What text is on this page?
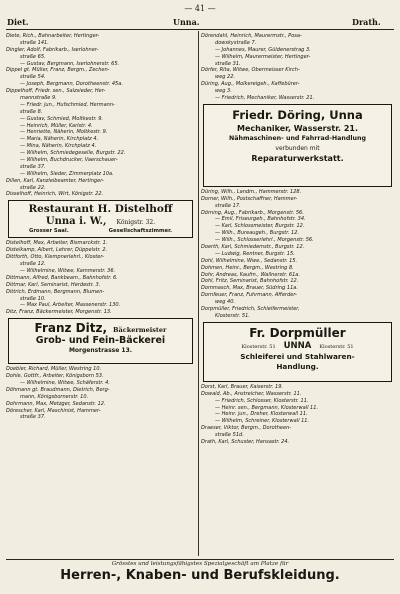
— 41 —
Diet.	Unna.	Drath.
Diete, Rich., Bahnarbeiter, Hertinger-
straße 141.
Dingler, Adolf, Fabrikarb., Iserlohner-
straße 65.
— Gustav, Bergmann, Iserlohnerstr. 65.
Dippel gt. Müller, Franz, Bergm., Zechen-
straße 54.
— Joseph, Bergmann, Dorotheenstr. 45a.
Dippelhoff, Friedr. sen., Salzsieder, Her-
mannstraße 9.
— Friedr. jun., Hufschmied, Hermann-
straße 8.
— Gustav, Schmied, Moltkestr. 9.
— Heinrich, Müller, Karlstr. 4.
— Henriette, Näherin, Moltkestr. 9.
— Maria, Näherin, Kirchplatz 4.
— Mina, Näherin, Kirchplatz 4.
— Wilhelm, Schmiedegeselle, Burgstr. 22.
— Wilhelm, Buchdrucker, Vaerschauer-
straße 37.
— Wilhelm, Sieder, Zimmerplatz 10a.
Dillen, Karl, Kanzleibeamter, Hertinger-
straße 22.
Disselhoff, Heinrich, Wirt, Königstr. 22.
Restaurant H. Distelhoff
Unna i. W., Königstr. 32.
Grosser Saal.	Gesellschaftszimmer.
Distelhoff, Max, Arbeiter, Bismarckstr. 1.
Distelkamp, Albert, Lehrer, Düppelstr. 2.
Dittforth, Otto, Klempnerlehrl., Kloster-
straße 12.
— Wilhelmine, Witwe, Kammerstr. 36.
Dittmann, Alfred, Bankbeam., Bahnhofstr. 6.
Dittmar, Karl, Seminarist, Herdestr. 3.
Dittrich, Erdmann, Bergmann, Blumen-
straße 10.
— Max Paul, Arbeiter, Massenerstr. 130.
Ditz, Franz, Bäckermeister, Morgenstr. 13.
Franz Ditz, Bäckermeister
Grob- und Fein-Bäckerei
Morgenstrasse 13.
Doebler, Richard, Müller, Westring 10.
Dohle, Gottfr., Arbeiter, Königsborn 53.
— Wilhelmine, Witwe, Schäferstr. 4.
Döhmann gt. Braudmann, Dietrich, Berg-
mann, Königsbornerstr. 10.
Dohrmann, Max, Metzger, Sedanstr. 12.
Dörescher, Karl, Maschinist, Hammer-
straße 37.
Dörendahl, Heinrich, Maurermstr., Posa-
dowskystraße 7.
— Johannes, Maurer, Güldenerstrag 3.
— Wilhelm, Maurermeister, Hertinger-
straße 31.
Dörfer, Rita, Witwe, Obermeisser Kirch-
weg 22.
Düring, Aug., Molkereigeh., Kaffebürer-
weg 3.
— Friedrich, Mechaniker, Wasserstr. 21.
Friedr. Döring, Unna
Mechaniker, Wasserstr. 21.
Nähmaschinen- und Fahrrad-Handlung
verbunden mit
Reparaturwerkstatt.
Düring, Wilh., Landm., Hammerstr. 128.
Dorner, Wilh., Postschaffner, Hammer-
straße 17.
Dörning, Aug., Fabrikarb., Morgenstr. 56.
— Emil, Friseurgeh., Bahnhofstr. 34.
— Karl, Schlossmeister, Burgstr. 12.
— Wilh., Bureaugeh., Burgstr. 12.
— Wilh., Schlosserlehrl., Morgenstr. 56.
Doerth, Karl, Schmiedemstr., Burgstr. 12.
— Ludwig, Rentner, Burgstr. 15.
Dohl, Wilhelmine, Wwe., Sedanstr. 15.
Dohmen, Heinr., Bergm., Westring 8.
Dohr, Andreas, Kaufm., Wallnerstr. 61a.
Dohl, Fritz, Seminarist, Bahnhofstr. 12.
Dommasch, Max, Brauer, Südring 11a.
Dornfeuer, Franz, Fuhrmann, Afferder-
weg 40.
Dorpmüller, Friedrich, Schleifermeister,
Klosterstr. 51.
Fr. Dorpmüller
Klosterstr. 51 UNNA Klosterstr. 51
Schleiferei und Stahlwaren-
Handlung.
Dorst, Karl, Brauer, Kaiserstr. 19.
Dowald, Ab., Anstreicher, Wasserstr. 11.
— Friedrich, Schlosser, Klosterstr. 11.
— Heinr. sen., Bergmann, Klosterwall 11.
— Heinr. jun., Dreher, Klosterwall 11.
— Wilhelm, Schreiner, Klosterwall 11.
Draeser, Viktor, Bergm., Dorotheen-
straße 51d.
Drath, Karl, Schuster, Hansastr. 24.
Grösstes und leistungsfähigstes Spezialgeschäft am Platze für
Herren-, Knaben- und Berufskleidung.
